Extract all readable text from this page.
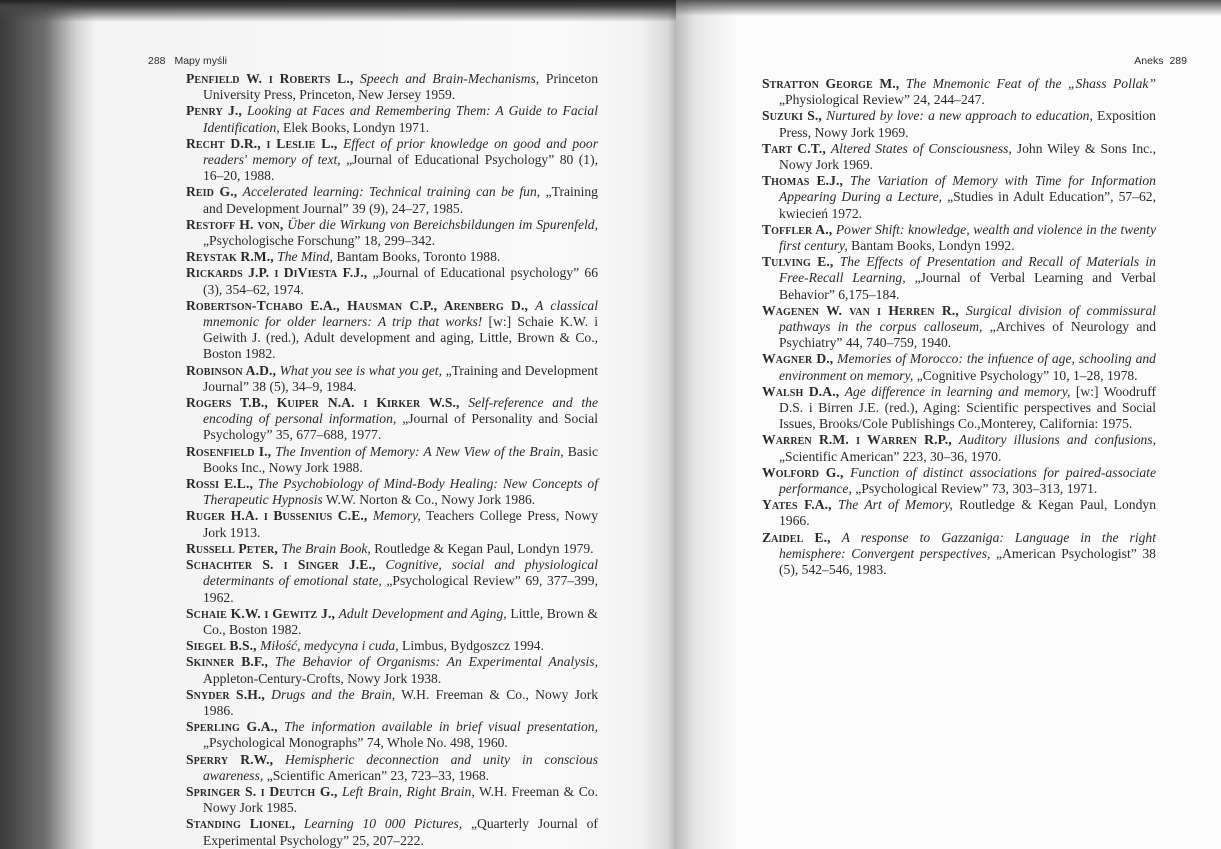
288 Mapy myśli	Aneks 289

Penfield W. i Roberts L., Speech and Brain-Mechanisms, Princeton University Press, Princeton, New Jersey 1959.

Penry J., Looking at Faces and Remembering Them: A Guide to Facial Identification, Elek Books, Londyn 1971.

Recht D.R., i Leslie L., Effect of prior knowledge on good and poor readers' memory of text, „Journal of Educational Psychology” 80 (1), 16–20, 1988.

Reid G., Accelerated learning: Technical training can be fun, „Training and Development Journal” 39 (9), 24–27, 1985.

Restoff H. von, Über die Wirkung von Bereichsbildungen im Spurenfeld, „Psychologische Forschung” 18, 299–342.

Reystak R.M., The Mind, Bantam Books, Toronto 1988.

Rickards J.P. i DiViesta F.J., „Journal of Educational psychology” 66 (3), 354–62, 1974.

Robertson-Tchabo E.A., Hausman C.P., Arenberg D., A classical mnemonic for older learners: A trip that works! [w:] Schaie K.W. i Geiwith J. (red.), Adult development and aging, Little, Brown & Co., Boston 1982.

Robinson A.D., What you see is what you get, „Training and Development Journal” 38 (5), 34–9, 1984.

Rogers T.B., Kuiper N.A. i Kirker W.S., Self-reference and the encoding of personal information, „Journal of Personality and Social Psychology” 35, 677–688, 1977.

Rosenfield I., The Invention of Memory: A New View of the Brain, Basic Books Inc., Nowy Jork 1988.

Rossi E.L., The Psychobiology of Mind-Body Healing: New Concepts of Therapeutic Hypnosis W.W. Norton & Co., Nowy Jork 1986.

Ruger H.A. i Bussenius C.E., Memory, Teachers College Press, Nowy Jork 1913.

Russell Peter, The Brain Book, Routledge & Kegan Paul, Londyn 1979.

Schachter S. i Singer J.E., Cognitive, social and physiological determinants of emotional state, „Psychological Review” 69, 377–399, 1962.

Schaie K.W. i Gewitz J., Adult Development and Aging, Little, Brown & Co., Boston 1982.

Siegel B.S., Miłość, medycyna i cuda, Limbus, Bydgoszcz 1994.

Skinner B.F., The Behavior of Organisms: An Experimental Analysis, Appleton-Century-Crofts, Nowy Jork 1938.

Snyder S.H., Drugs and the Brain, W.H. Freeman & Co., Nowy Jork 1986.

Sperling G.A., The information available in brief visual presentation, „Psychological Monographs” 74, Whole No. 498, 1960.

Sperry R.W., Hemispheric deconnection and unity in conscious awareness, „Scientific American” 23, 723–33, 1968.

Springer S. i Deutch G., Left Brain, Right Brain, W.H. Freeman & Co. Nowy Jork 1985.

Standing Lionel, Learning 10 000 Pictures, „Quarterly Journal of Experimental Psychology” 25, 207–222.

Stratton George M., The Mnemonic Feat of the „Shass Pollak” „Physiological Review” 24, 244–247.

Suzuki S., Nurtured by love: a new approach to education, Exposition Press, Nowy Jork 1969.

Tart C.T., Altered States of Consciousness, John Wiley & Sons Inc., Nowy Jork 1969.

Thomas E.J., The Variation of Memory with Time for Information Appearing During a Lecture, „Studies in Adult Education”, 57–62, kwiecień 1972.

Toffler A., Power Shift: knowledge, wealth and violence in the twenty first century, Bantam Books, Londyn 1992.

Tulving E., The Effects of Presentation and Recall of Materials in Free-Recall Learning, „Journal of Verbal Learning and Verbal Behavior” 6,175–184.

Wagenen W. van i Herren R., Surgical division of commissural pathways in the corpus calloseum, „Archives of Neurology and Psychiatry” 44, 740–759, 1940.

Wagner D., Memories of Morocco: the infuence of age, schooling and environment on memory, „Cognitive Psychology” 10, 1–28, 1978.

Walsh D.A., Age difference in learning and memory, [w:] Woodruff D.S. i Birren J.E. (red.), Aging: Scientific perspectives and Social Issues, Brooks/Cole Publishings Co.,Monterey, California: 1975.

Warren R.M. i Warren R.P., Auditory illusions and confusions, „Scientific American” 223, 30–36, 1970.

Wolford G., Function of distinct associations for paired-associate performance, „Psychological Review” 73, 303–313, 1971.

Yates F.A., The Art of Memory, Routledge & Kegan Paul, Londyn 1966.

Zaidel E., A response to Gazzaniga: Language in the right hemisphere: Convergent perspectives, „American Psychologist” 38 (5), 542–546, 1983.
